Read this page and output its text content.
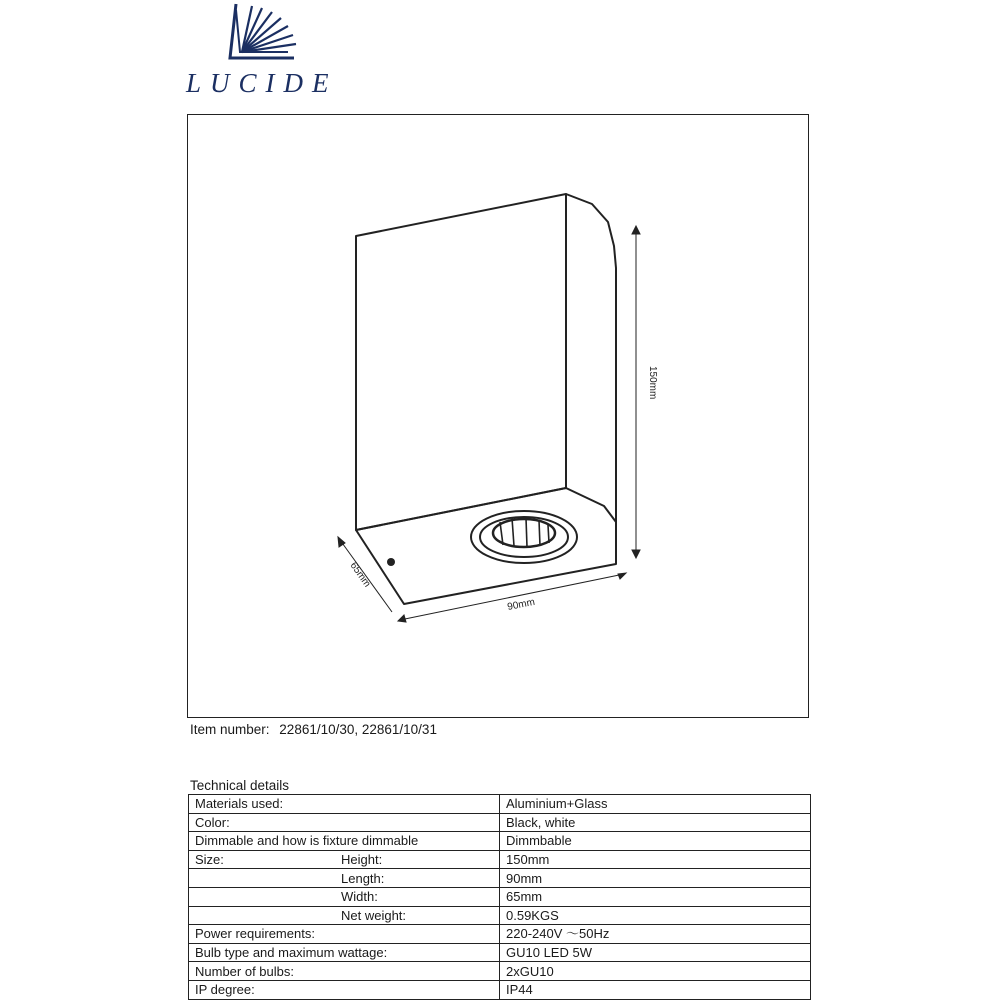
LUCIDE
150mm
65mm
90mm
Item number: 22861/10/30, 22861/10/31
Technical details
Materials used:	Aluminium+Glass
Color:	Black, white
Dimmable and how is fixture dimmable	Dimmbable
Size: Height:	150mm
Length:	90mm
Width:	65mm
Net weight:	0.59KGS
Power requirements:	220-240V ～50Hz
Bulb type and maximum wattage:	GU10 LED 5W
Number of bulbs:	2xGU10
IP degree:	IP44
